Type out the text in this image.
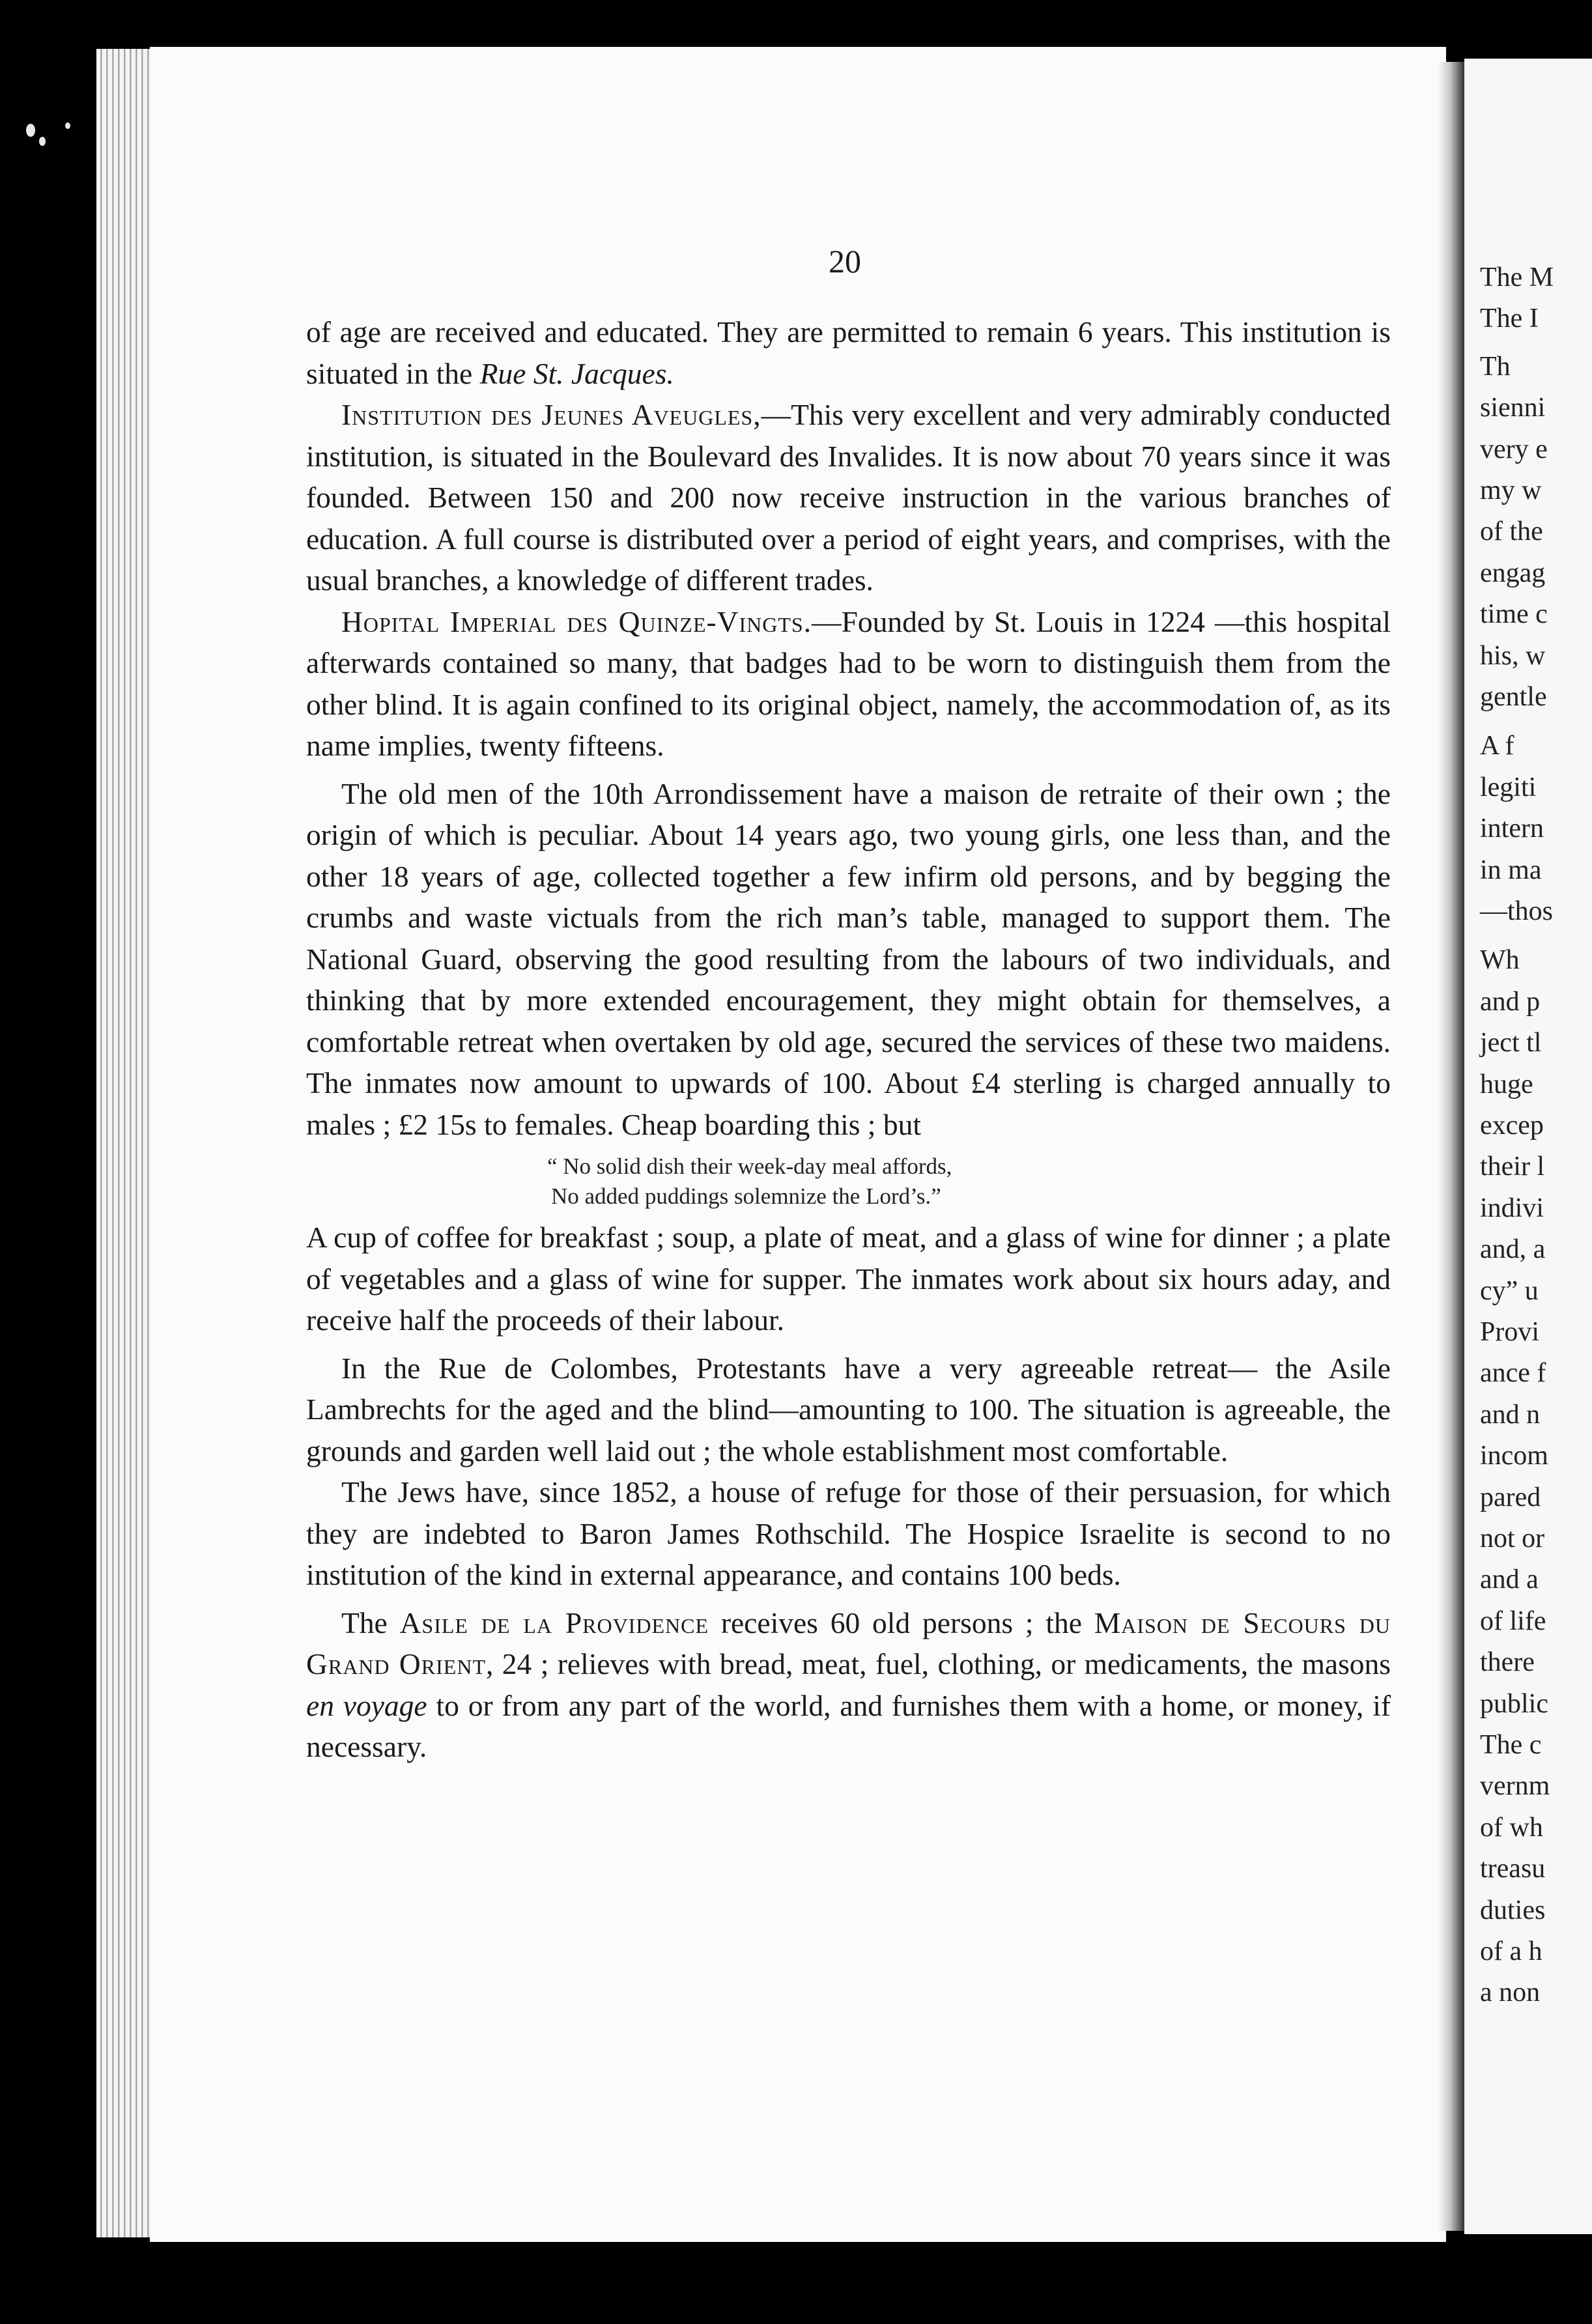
The M
The I
Th
sienni
very e
my w
of the
engag
time c
his, w
gentle
A f
legiti
intern
in ma
—thos
Wh
and p
ject tl
huge
excep
their l
indivi
and, a
cy” u
Provi
ance f
and n
incom
pared
not or
and a
of life
there
public
The c
vernm
of wh
treasu
duties
of a h
a non
20

of age are received and educated. They are permitted to remain 6 years. This institution is situated in the Rue St. Jacques.

Institution des Jeunes Aveugles,—This very excellent and very admirably conducted institution, is situated in the Boulevard des Invalides. It is now about 70 years since it was founded. Between 150 and 200 now receive instruction in the various branches of education. A full course is distributed over a period of eight years, and comprises, with the usual branches, a knowledge of different trades.

Hopital Imperial des Quinze-Vingts.—Founded by St. Louis in 1224 —this hospital afterwards contained so many, that badges had to be worn to distinguish them from the other blind. It is again confined to its original object, namely, the accommodation of, as its name implies, twenty fifteens.

The old men of the 10th Arrondissement have a maison de retraite of their own ; the origin of which is peculiar. About 14 years ago, two young girls, one less than, and the other 18 years of age, collected together a few infirm old persons, and by begging the crumbs and waste victuals from the rich man’s table, managed to support them. The National Guard, observing the good resulting from the labours of two individuals, and thinking that by more extended encouragement, they might obtain for themselves, a comfortable retreat when overtaken by old age, secured the services of these two maidens. The inmates now amount to upwards of 100. About £4 sterling is charged annually to males ; £2 15s to females. Cheap boarding this ; but

“ No solid dish their week-day meal affords,
No added puddings solemnize the Lord’s.”

A cup of coffee for breakfast ; soup, a plate of meat, and a glass of wine for dinner ; a plate of vegetables and a glass of wine for supper. The inmates work about six hours aday, and receive half the proceeds of their labour.

In the Rue de Colombes, Protestants have a very agreeable retreat— the Asile Lambrechts for the aged and the blind—amounting to 100. The situation is agreeable, the grounds and garden well laid out ; the whole establishment most comfortable.

The Jews have, since 1852, a house of refuge for those of their persuasion, for which they are indebted to Baron James Rothschild. The Hospice Israelite is second to no institution of the kind in external appearance, and contains 100 beds.

The Asile de la Providence receives 60 old persons ; the Maison de Secours du Grand Orient, 24 ; relieves with bread, meat, fuel, clothing, or medicaments, the masons en voyage to or from any part of the world, and furnishes them with a home, or money, if necessary.
